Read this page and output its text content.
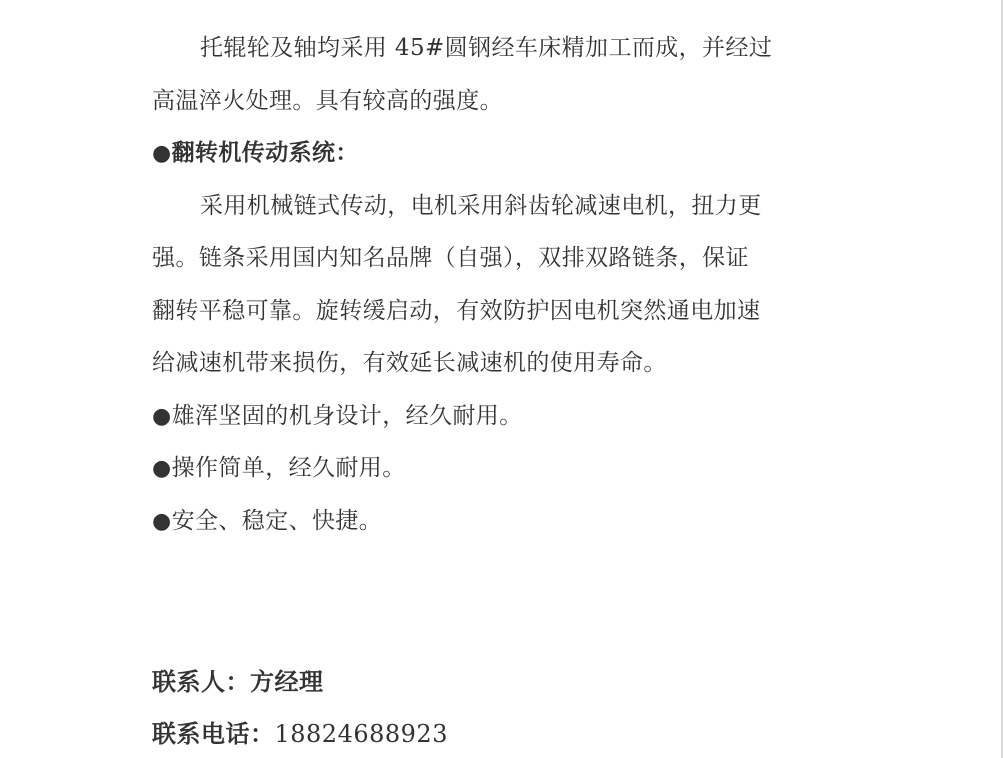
托辊轮及轴均采用 45#圆钢经车床精加工而成，并经过
高温淬火处理。具有较高的强度。
●翻转机传动系统：
采用机械链式传动，电机采用斜齿轮减速电机，扭力更
强。链条采用国内知名品牌（自强），双排双路链条，保证
翻转平稳可靠。旋转缓启动，有效防护因电机突然通电加速
给减速机带来损伤，有效延长减速机的使用寿命。
●雄浑坚固的机身设计，经久耐用。
●操作简单，经久耐用。
●安全、稳定、快捷。
联系人：方经理
联系电话：18824688923
